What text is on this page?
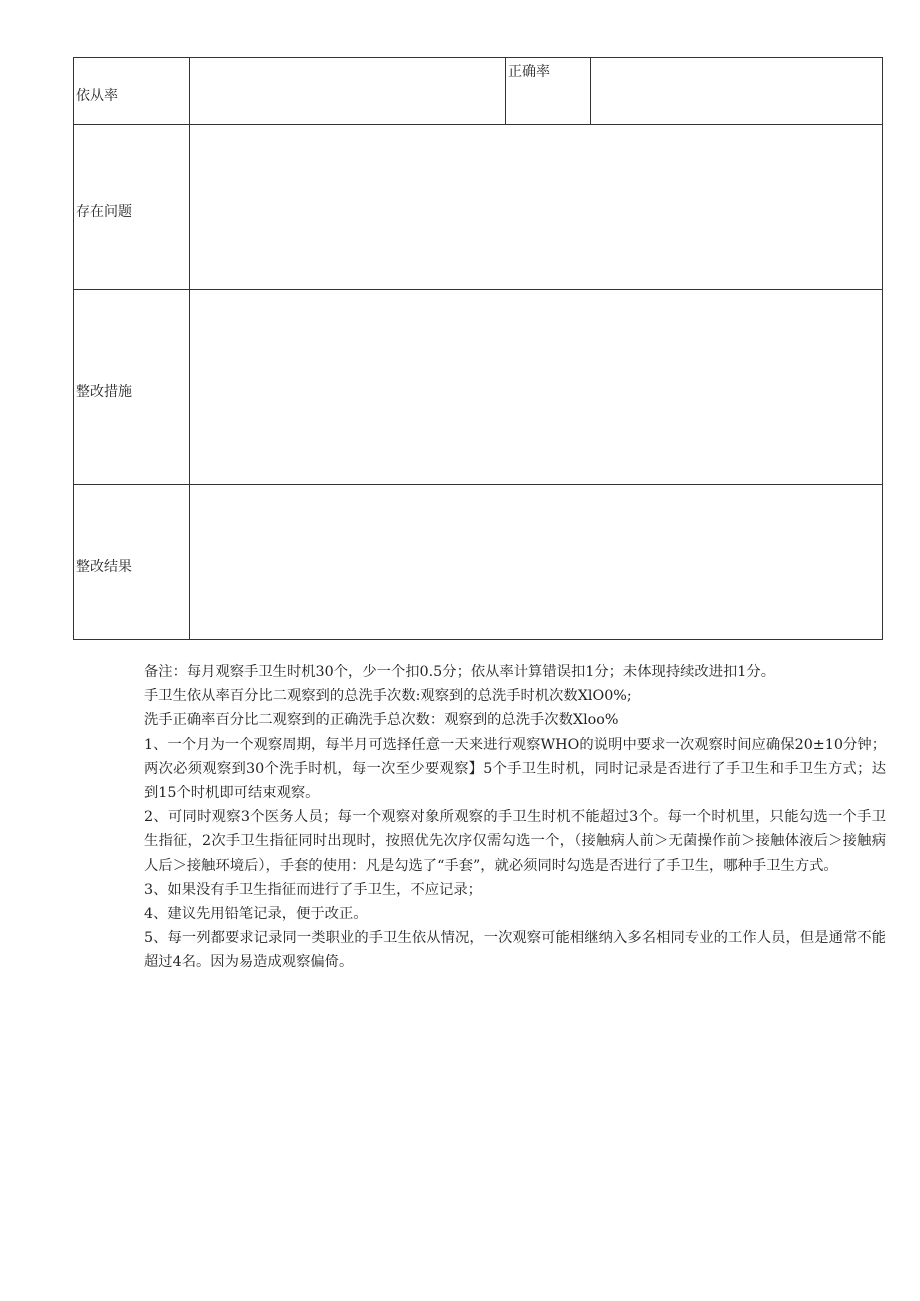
依从率		正确率	
存在问题			
整改措施			
整改结果			

备注：每月观察手卫生时机30个，少一个扣0.5分；依从率计算错误扣1分；未体现持续改进扣1分。

手卫生依从率百分比二观察到的总洗手次数:观察到的总洗手时机次数XlO0%;

洗手正确率百分比二观察到的正确洗手总次数：观察到的总洗手次数Xloo%

1、一个月为一个观察周期，每半月可选择任意一天来进行观察WHO的说明中要求一次观察时间应确保20±10分钟；两次必须观察到30个洗手时机，每一次至少要观察】5个手卫生时机，同时记录是否进行了手卫生和手卫生方式；达到15个时机即可结束观察。

2、可同时观察3个医务人员；每一个观察对象所观察的手卫生时机不能超过3个。每一个时机里，只能勾选一个手卫生指征，2次手卫生指征同时出现时，按照优先次序仅需勾选一个，（接触病人前＞无菌操作前＞接触体液后＞接触病人后＞接触环境后），手套的使用：凡是勾选了“手套”，就必须同时勾选是否进行了手卫生，哪种手卫生方式。

3、如果没有手卫生指征而进行了手卫生，不应记录；

4、建议先用铅笔记录，便于改正。

5、每一列都要求记录同一类职业的手卫生依从情况，一次观察可能相继纳入多名相同专业的工作人员，但是通常不能超过4名。因为易造成观察偏倚。
